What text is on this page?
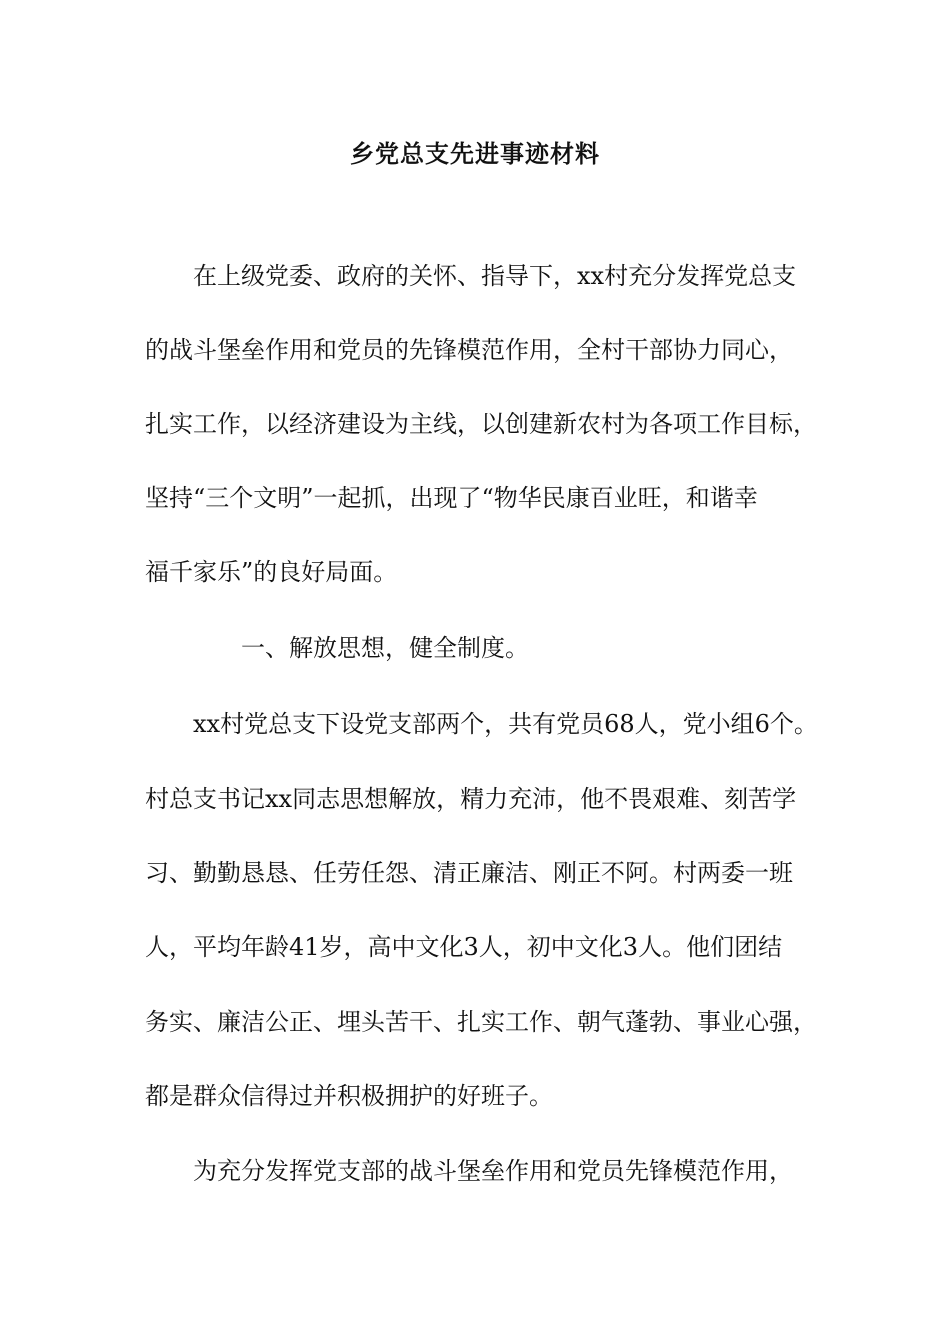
乡党总支先进事迹材料
在上级党委、政府的关怀、指导下，xx村充分发挥党总支
的战斗堡垒作用和党员的先锋模范作用，全村干部协力同心，
扎实工作，以经济建设为主线，以创建新农村为各项工作目标，
坚持“三个文明”一起抓，出现了“物华民康百业旺，和谐幸
福千家乐”的良好局面。
一、解放思想，健全制度。
xx村党总支下设党支部两个，共有党员68人，党小组6个。
村总支书记xx同志思想解放，精力充沛，他不畏艰难、刻苦学
习、勤勤恳恳、任劳任怨、清正廉洁、刚正不阿。村两委一班
人，平均年龄41岁，高中文化3人，初中文化3人。他们团结
务实、廉洁公正、埋头苦干、扎实工作、朝气蓬勃、事业心强，
都是群众信得过并积极拥护的好班子。
为充分发挥党支部的战斗堡垒作用和党员先锋模范作用，
